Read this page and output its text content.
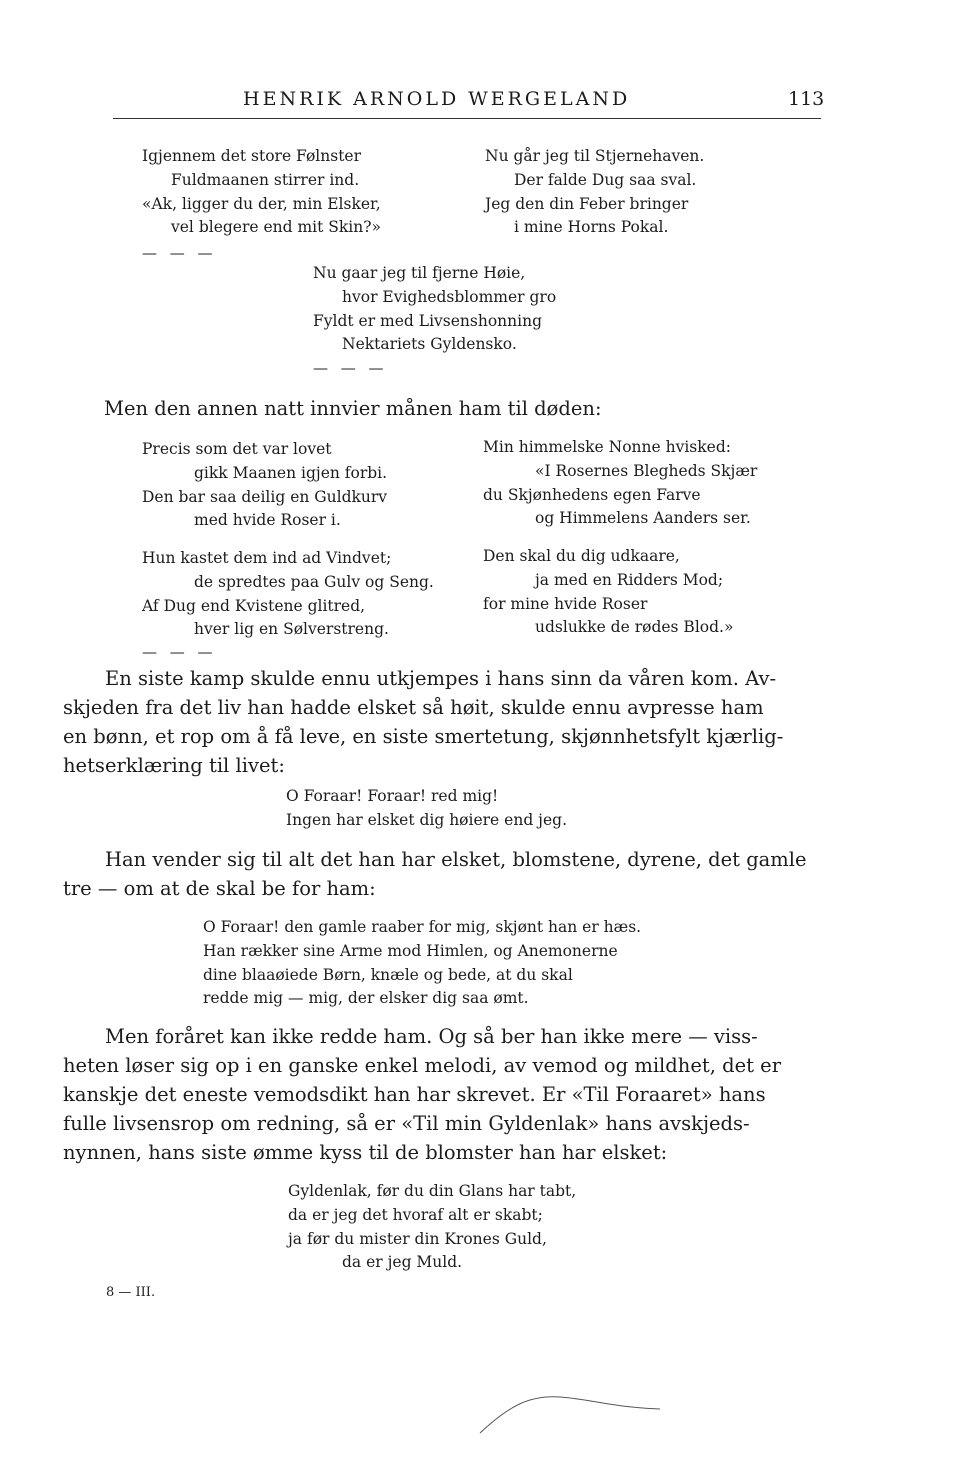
HENRIK ARNOLD WERGELAND	113
Igjennem det store Følnster
Fuldmaanen stirrer ind.
«Ak, ligger du der, min Elsker,
vel blegere end mit Skin?»
Nu går jeg til Stjernehaven.
Der falde Dug saa sval.
Jeg den din Feber bringer
i mine Horns Pokal.
— — —
Nu gaar jeg til fjerne Høie,
hvor Evighedsblommer gro
Fyldt er med Livsenshonning
Nektariets Gyldensko.
— — —
Men den annen natt innvier månen ham til døden:
Precis som det var lovet
gikk Maanen igjen forbi.
Den bar saa deilig en Guldkurv
med hvide Roser i.
Hun kastet dem ind ad Vindvet;
de spredtes paa Gulv og Seng.
Af Dug end Kvistene glitred,
hver lig en Sølverstreng.
Min himmelske Nonne hvisked:
«I Rosernes Blegheds Skjær
du Skjønhedens egen Farve
og Himmelens Aanders ser.
Den skal du dig udkaare,
ja med en Ridders Mod;
for mine hvide Roser
udslukke de rødes Blod.»
— — —
En siste kamp skulde ennu utkjempes i hans sinn da våren kom. Av-
skjeden fra det liv han hadde elsket så høit, skulde ennu avpresse ham
en bønn, et rop om å få leve, en siste smertetung, skjønnhetsfylt kjærlig-
hetserklæring til livet:
O Foraar! Foraar! red mig!
Ingen har elsket dig høiere end jeg.
Han vender sig til alt det han har elsket, blomstene, dyrene, det gamle
tre — om at de skal be for ham:
O Foraar! den gamle raaber for mig, skjønt han er hæs.
Han rækker sine Arme mod Himlen, og Anemonerne
dine blaaøiede Børn, knæle og bede, at du skal
redde mig — mig, der elsker dig saa ømt.
Men foråret kan ikke redde ham. Og så ber han ikke mere — viss-
heten løser sig op i en ganske enkel melodi, av vemod og mildhet, det er
kanskje det eneste vemodsdikt han har skrevet. Er «Til Foraaret» hans
fulle livsensrop om redning, så er «Til min Gyldenlak» hans avskjeds-
nynnen, hans siste ømme kyss til de blomster han har elsket:
Gyldenlak, før du din Glans har tabt,
da er jeg det hvoraf alt er skabt;
ja før du mister din Krones Guld,
da er jeg Muld.
8 — III.
